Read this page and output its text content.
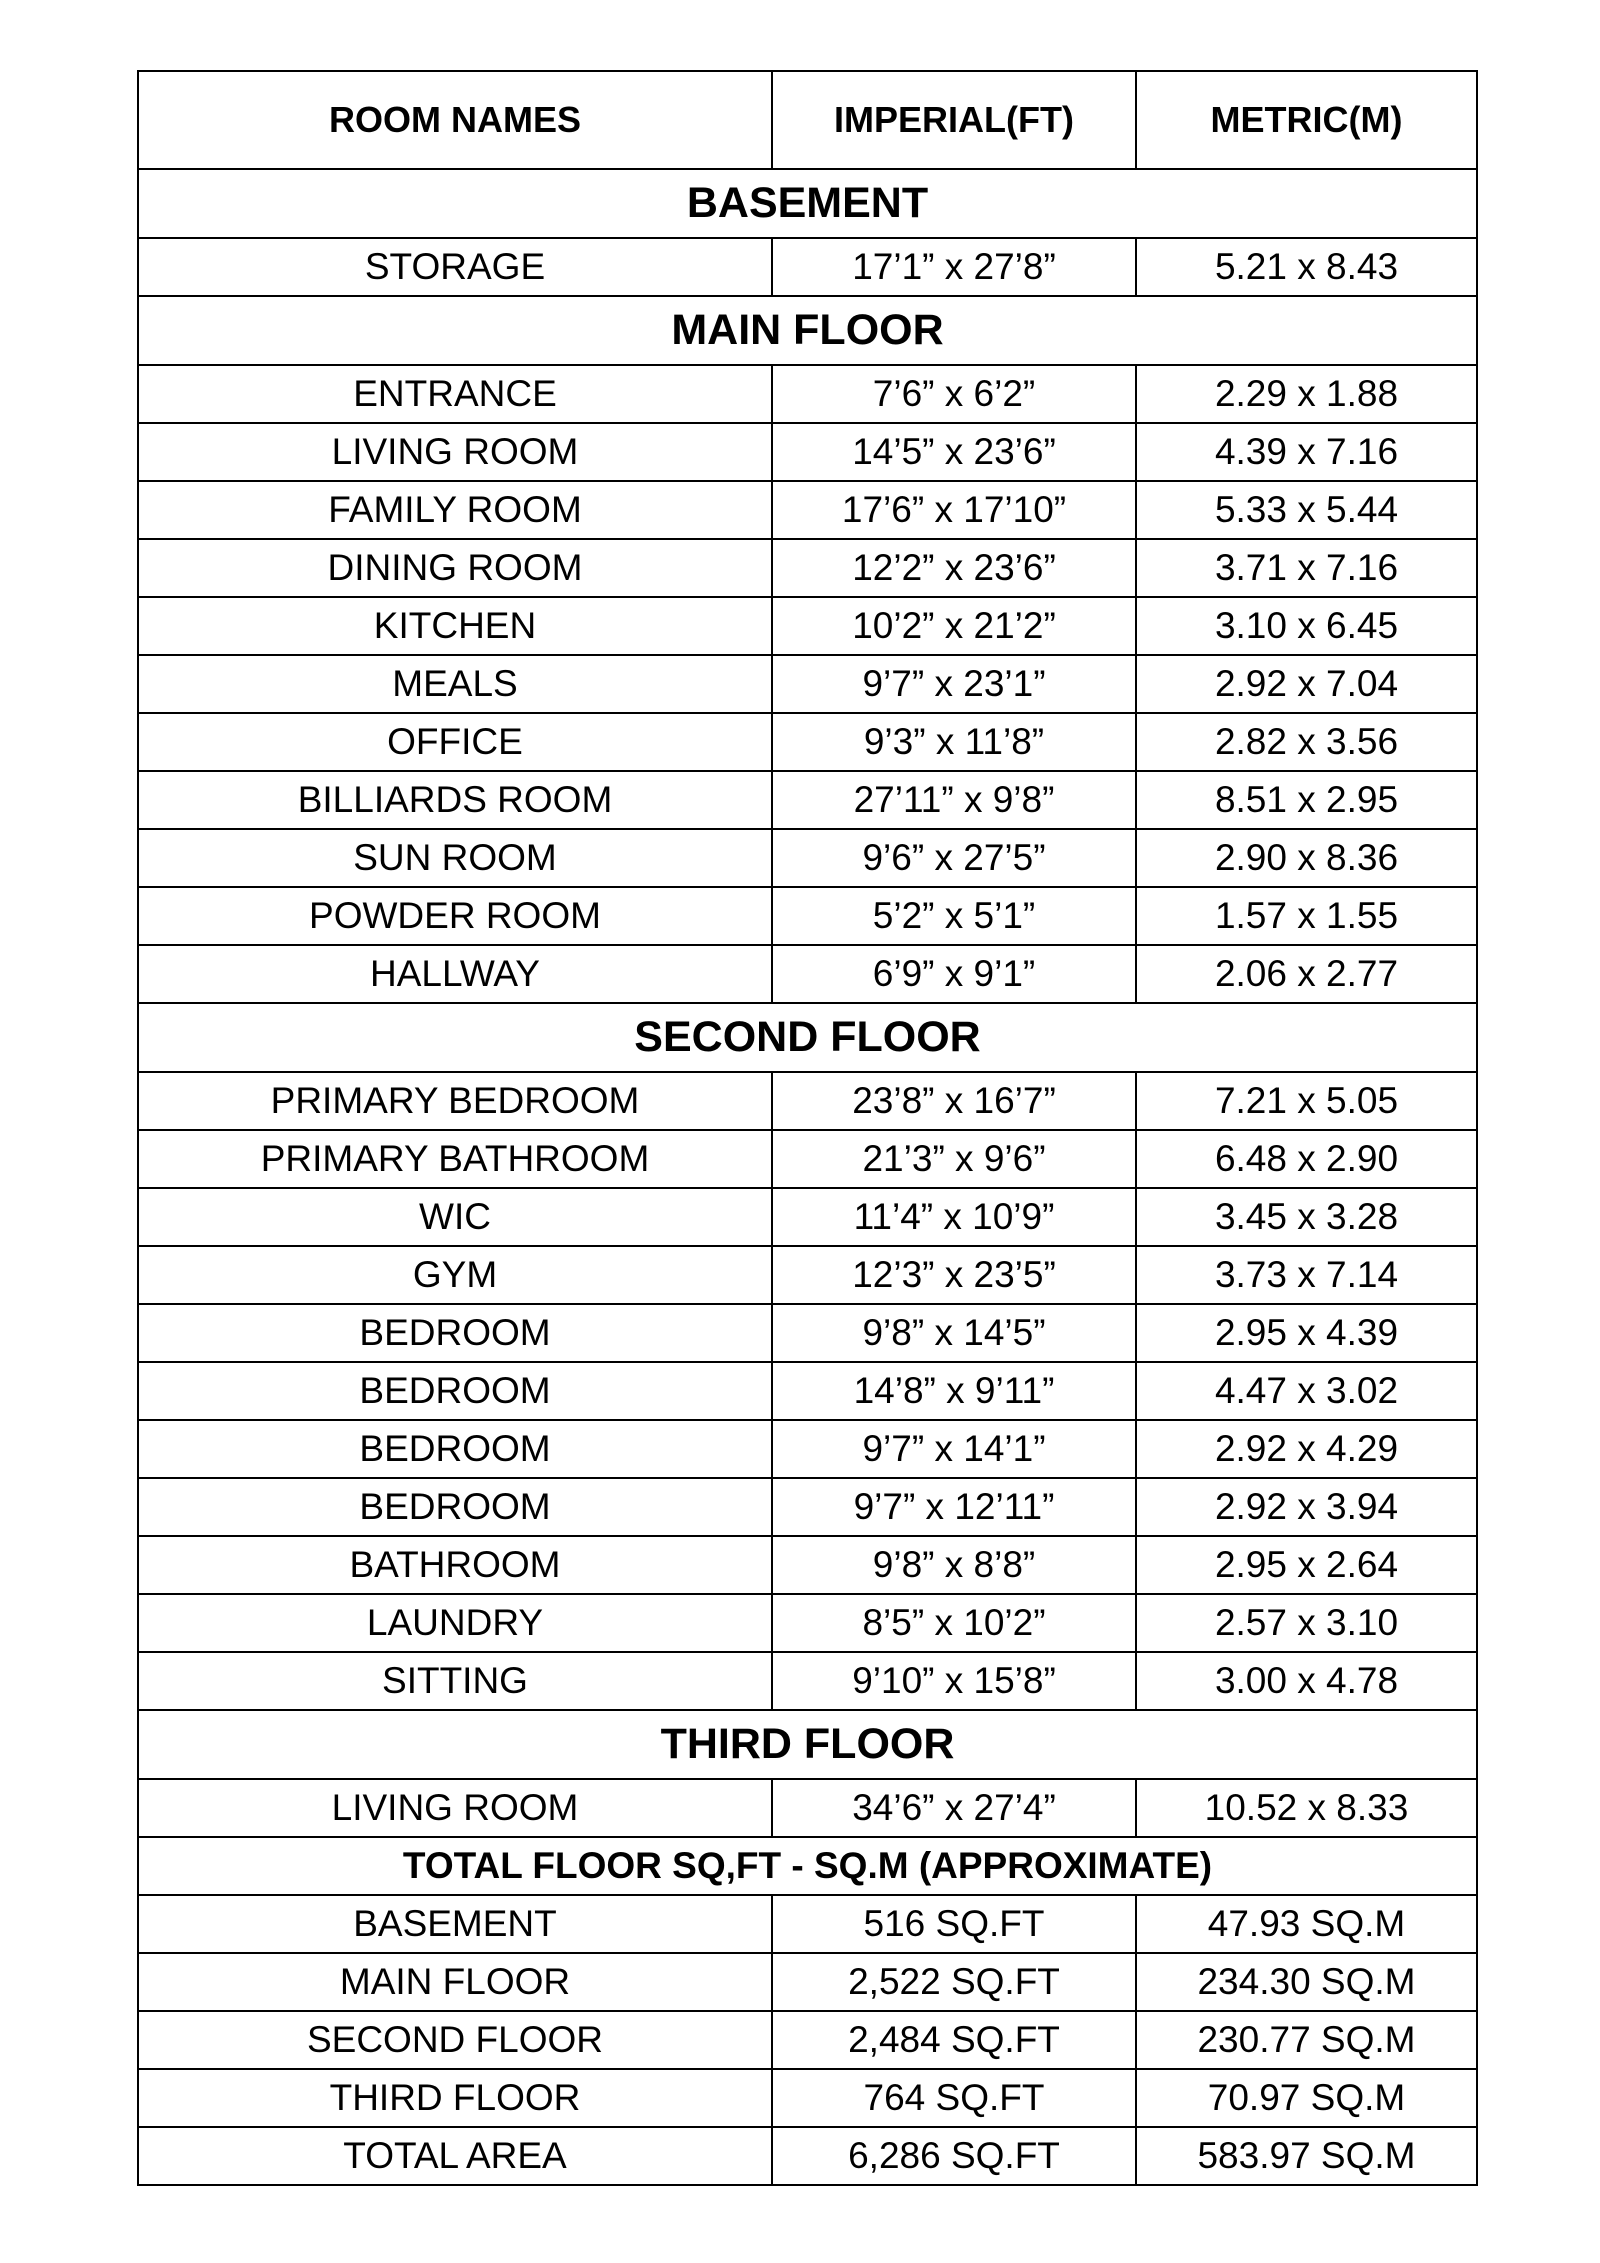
ROOM NAMES	IMPERIAL(FT)	METRIC(M)
BASEMENT		
STORAGE	17’1” x 27’8”	5.21 x 8.43
MAIN FLOOR		
ENTRANCE	7’6” x 6’2”	2.29 x 1.88
LIVING ROOM	14’5” x 23’6”	4.39 x 7.16
FAMILY ROOM	17’6” x 17’10”	5.33 x 5.44
DINING ROOM	12’2” x 23’6”	3.71 x 7.16
KITCHEN	10’2” x 21’2”	3.10 x 6.45
MEALS	9’7” x 23’1”	2.92 x 7.04
OFFICE	9’3” x 11’8”	2.82 x 3.56
BILLIARDS ROOM	27’11” x 9’8”	8.51 x 2.95
SUN ROOM	9’6” x 27’5”	2.90 x 8.36
POWDER ROOM	5’2” x 5’1”	1.57 x 1.55
HALLWAY	6’9” x 9’1”	2.06 x 2.77
SECOND FLOOR		
PRIMARY BEDROOM	23’8” x 16’7”	7.21 x 5.05
PRIMARY BATHROOM	21’3” x 9’6”	6.48 x 2.90
WIC	11’4” x 10’9”	3.45 x 3.28
GYM	12’3” x 23’5”	3.73 x 7.14
BEDROOM	9’8” x 14’5”	2.95 x 4.39
BEDROOM	14’8” x 9’11”	4.47 x 3.02
BEDROOM	9’7” x 14’1”	2.92 x 4.29
BEDROOM	9’7” x 12’11”	2.92 x 3.94
BATHROOM	9’8” x 8’8”	2.95 x 2.64
LAUNDRY	8’5” x 10’2”	2.57 x 3.10
SITTING	9’10” x 15’8”	3.00 x 4.78
THIRD FLOOR		
LIVING ROOM	34’6” x 27’4”	10.52 x 8.33
TOTAL FLOOR SQ,FT - SQ.M (APPROXIMATE)		
BASEMENT	516 SQ.FT	47.93 SQ.M
MAIN FLOOR	2,522 SQ.FT	234.30 SQ.M
SECOND FLOOR	2,484 SQ.FT	230.77 SQ.M
THIRD FLOOR	764 SQ.FT	70.97 SQ.M
TOTAL AREA	6,286 SQ.FT	583.97 SQ.M
